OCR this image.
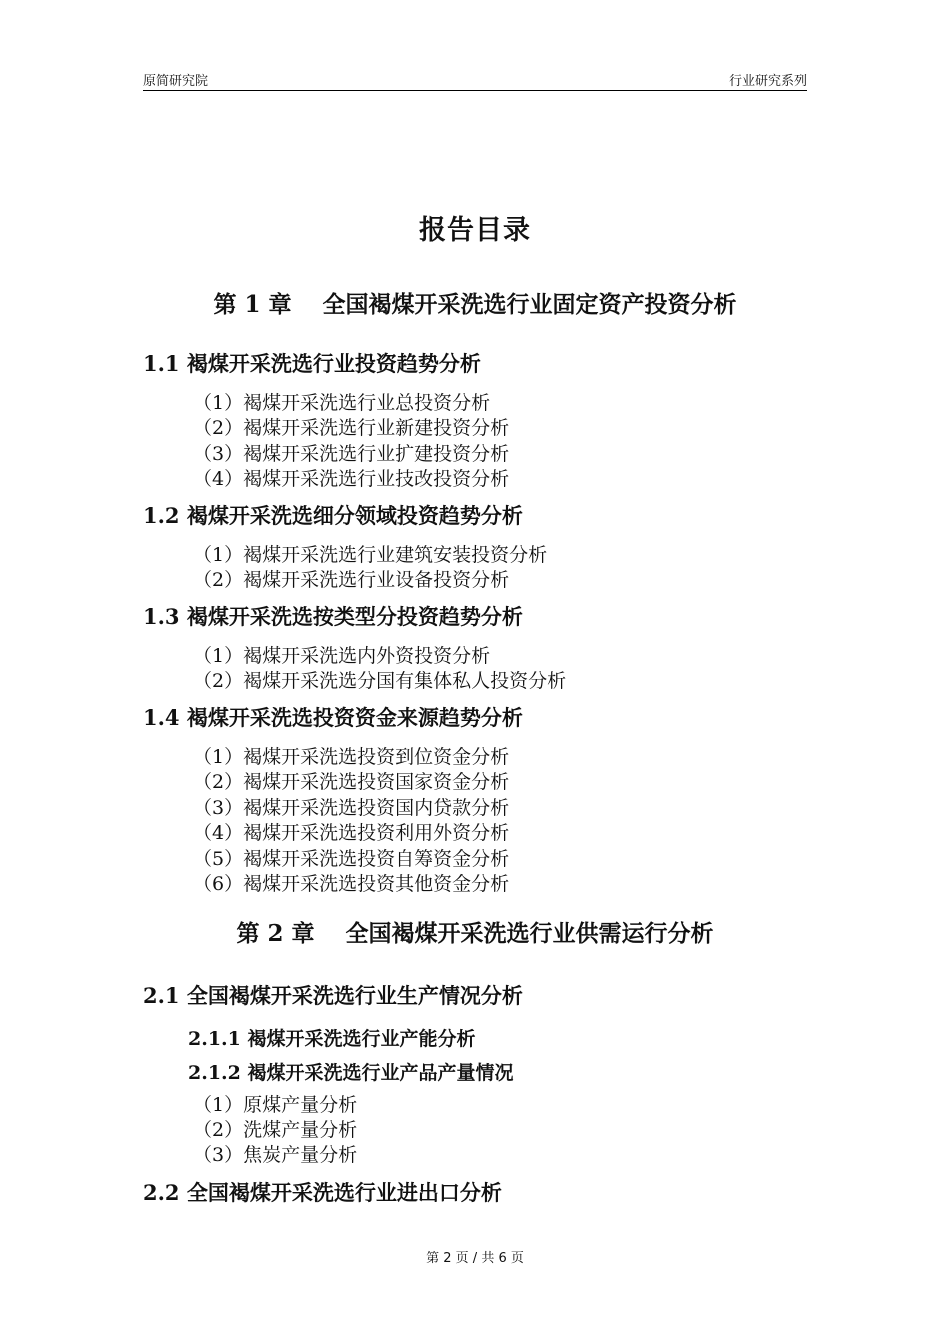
原简研究院	行业研究系列
报告目录
第 1 章　 全国褐煤开采洗选行业固定资产投资分析
1.1 褐煤开采洗选行业投资趋势分析
（1）褐煤开采洗选行业总投资分析
（2）褐煤开采洗选行业新建投资分析
（3）褐煤开采洗选行业扩建投资分析
（4）褐煤开采洗选行业技改投资分析
1.2 褐煤开采洗选细分领域投资趋势分析
（1）褐煤开采洗选行业建筑安装投资分析
（2）褐煤开采洗选行业设备投资分析
1.3 褐煤开采洗选按类型分投资趋势分析
（1）褐煤开采洗选内外资投资分析
（2）褐煤开采洗选分国有集体私人投资分析
1.4 褐煤开采洗选投资资金来源趋势分析
（1）褐煤开采洗选投资到位资金分析
（2）褐煤开采洗选投资国家资金分析
（3）褐煤开采洗选投资国内贷款分析
（4）褐煤开采洗选投资利用外资分析
（5）褐煤开采洗选投资自筹资金分析
（6）褐煤开采洗选投资其他资金分析
第 2 章　 全国褐煤开采洗选行业供需运行分析
2.1 全国褐煤开采洗选行业生产情况分析
2.1.1 褐煤开采洗选行业产能分析
2.1.2 褐煤开采洗选行业产品产量情况
（1）原煤产量分析
（2）洗煤产量分析
（3）焦炭产量分析
2.2 全国褐煤开采洗选行业进出口分析
第 2 页 / 共 6 页
